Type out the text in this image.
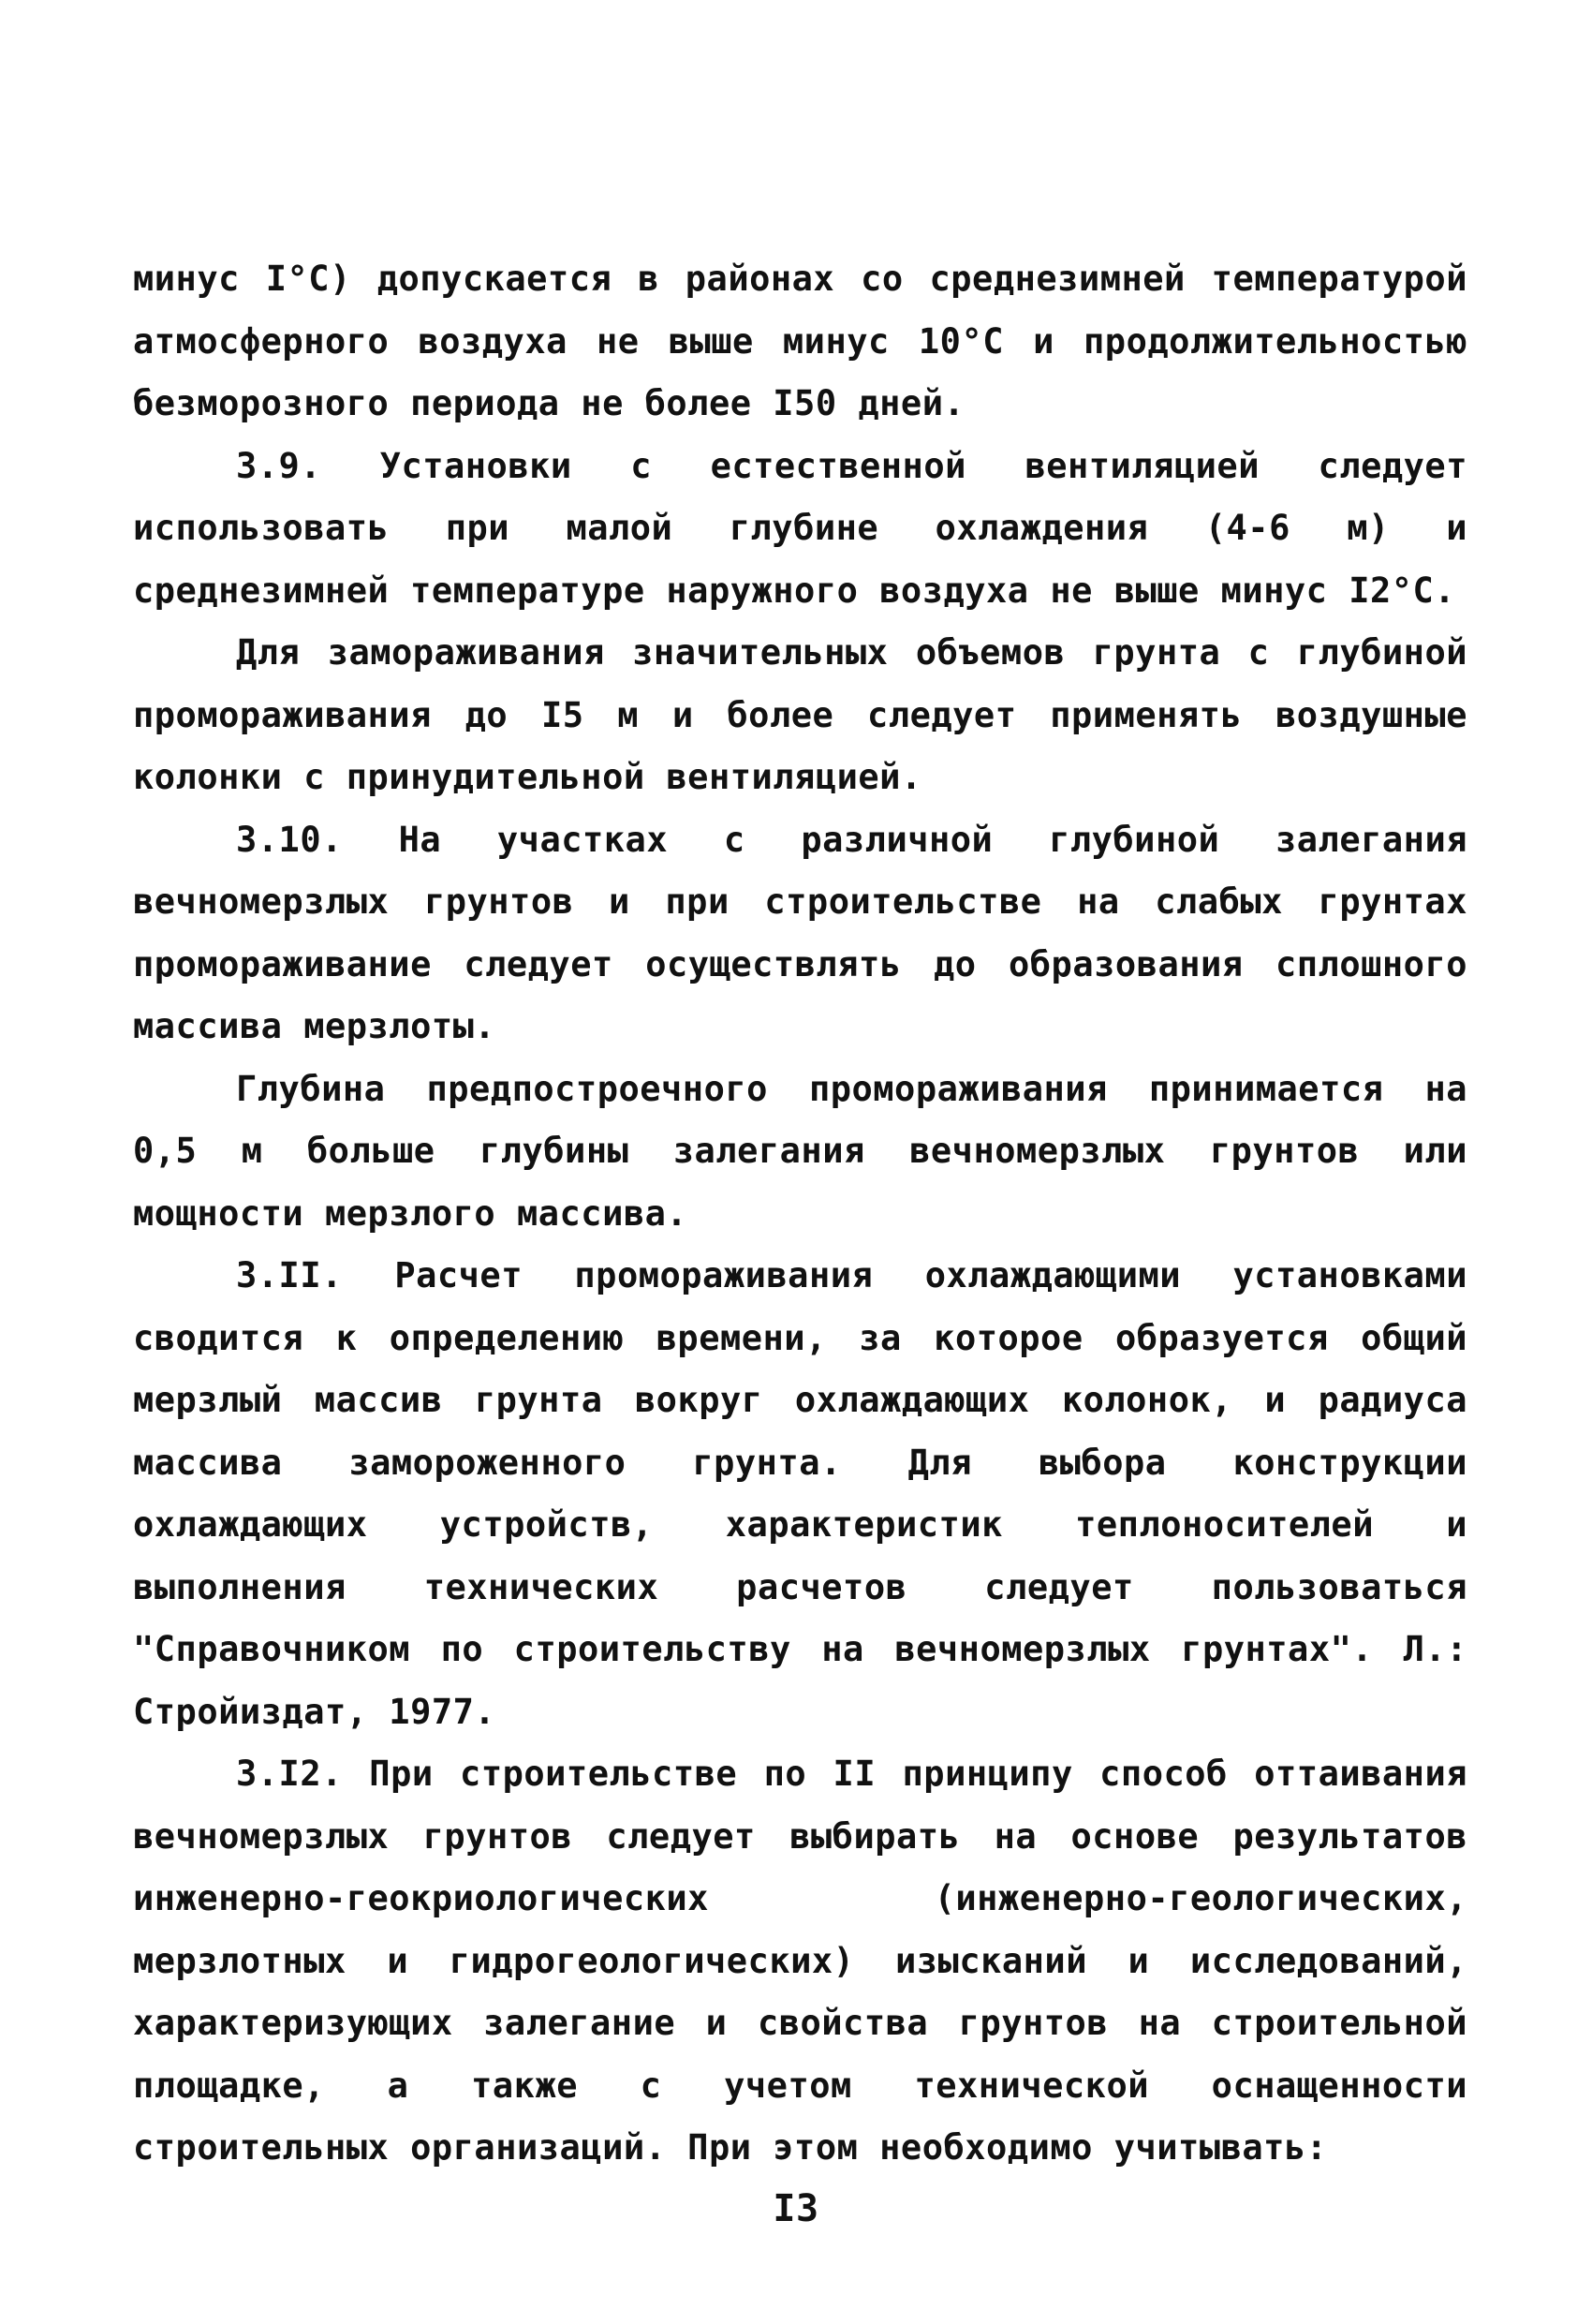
минус I°С) допускается в районах со среднезимней температурой атмосферного воздуха не выше минус 10°С и продолжительностью безморозного периода не более I50 дней.

3.9. Установки с естественной вентиляцией следует использовать при малой глубине охлаждения (4-6 м) и среднезимней температуре наружного воздуха не выше минус I2°С.

Для замораживания значительных объемов грунта с глубиной промораживания до I5 м и более следует применять воздушные колонки с принудительной вентиляцией.

3.10. На участках с различной глубиной залегания вечномерзлых грунтов и при строительстве на слабых грунтах промораживание следует осуществлять до образования сплошного массива мерзлоты.

Глубина предпостроечного промораживания принимается на 0,5 м больше глубины залегания вечномерзлых грунтов или мощности мерзлого массива.

3.II. Расчет промораживания охлаждающими установками сводится к определению времени, за которое образуется общий мерзлый массив грунта вокруг охлаждающих колонок, и радиуса массива замороженного грунта. Для выбора конструкции охлаждающих устройств, характеристик теплоносителей и выполнения технических расчетов следует пользоваться "Справочником по строительству на вечномерзлых грунтах". Л.: Стройиздат, 1977.

3.I2. При строительстве по II принципу способ оттаивания вечномерзлых грунтов следует выбирать на основе результатов инженерно-геокриологических (инженерно-геологических, мерзлотных и гидрогеологических) изысканий и исследований, характеризующих залегание и свойства грунтов на строительной площадке, а также с учетом технической оснащенности строительных организаций. При этом необходимо учитывать:

I3
